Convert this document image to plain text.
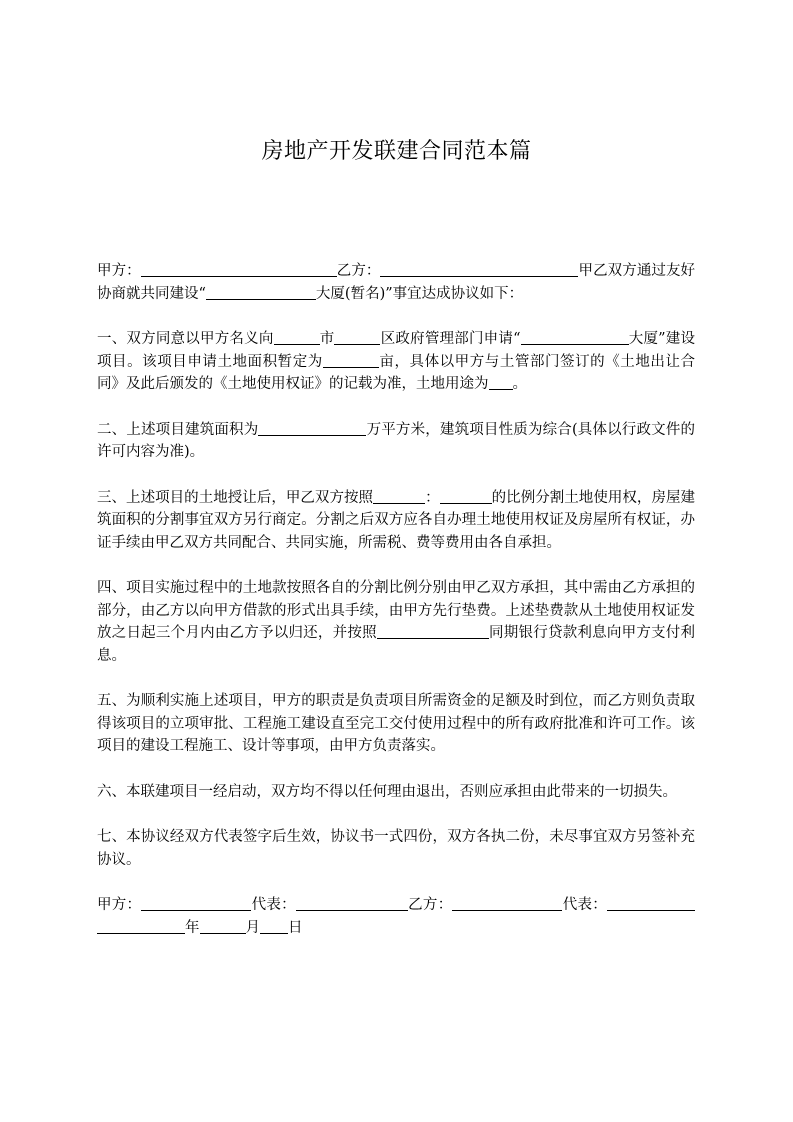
房地产开发联建合同范本篇

甲方：	乙方：	甲乙双方通过友好协商就共同建设“	大厦(暂名)”事宜达成协议如下：

一、双方同意以甲方名义向	市	区政府管理部门申请“	大厦”建设项目。该项目申请土地面积暂定为	亩，具体以甲方与土管部门签订的《土地出让合同》及此后颁发的《土地使用权证》的记载为准，土地用途为 。

二、上述项目建筑面积为	万平方米，建筑项目性质为综合(具体以行政文件的许可内容为准)。

三、上述项目的土地授让后，甲乙双方按照	：	的比例分割土地使用权，房屋建筑面积的分割事宜双方另行商定。分割之后双方应各自办理土地使用权证及房屋所有权证，办证手续由甲乙双方共同配合、共同实施，所需税、费等费用由各自承担。

四、项目实施过程中的土地款按照各自的分割比例分别由甲乙双方承担，其中需由乙方承担的部分，由乙方以向甲方借款的形式出具手续，由甲方先行垫费。上述垫费款从土地使用权证发放之日起三个月内由乙方予以归还，并按照	同期银行贷款利息向甲方支付利息。

五、为顺利实施上述项目，甲方的职责是负责项目所需资金的足额及时到位，而乙方则负责取得该项目的立项审批、工程施工建设直至完工交付使用过程中的所有政府批准和许可工作。该项目的建设工程施工、设计等事项，由甲方负责落实。

六、本联建项目一经启动，双方均不得以任何理由退出，否则应承担由此带来的一切损失。

七、本协议经双方代表签字后生效，协议书一式四份，双方各执二份，未尽事宜双方另签补充协议。

甲方：	代表：	乙方：	代表：年	月 日
